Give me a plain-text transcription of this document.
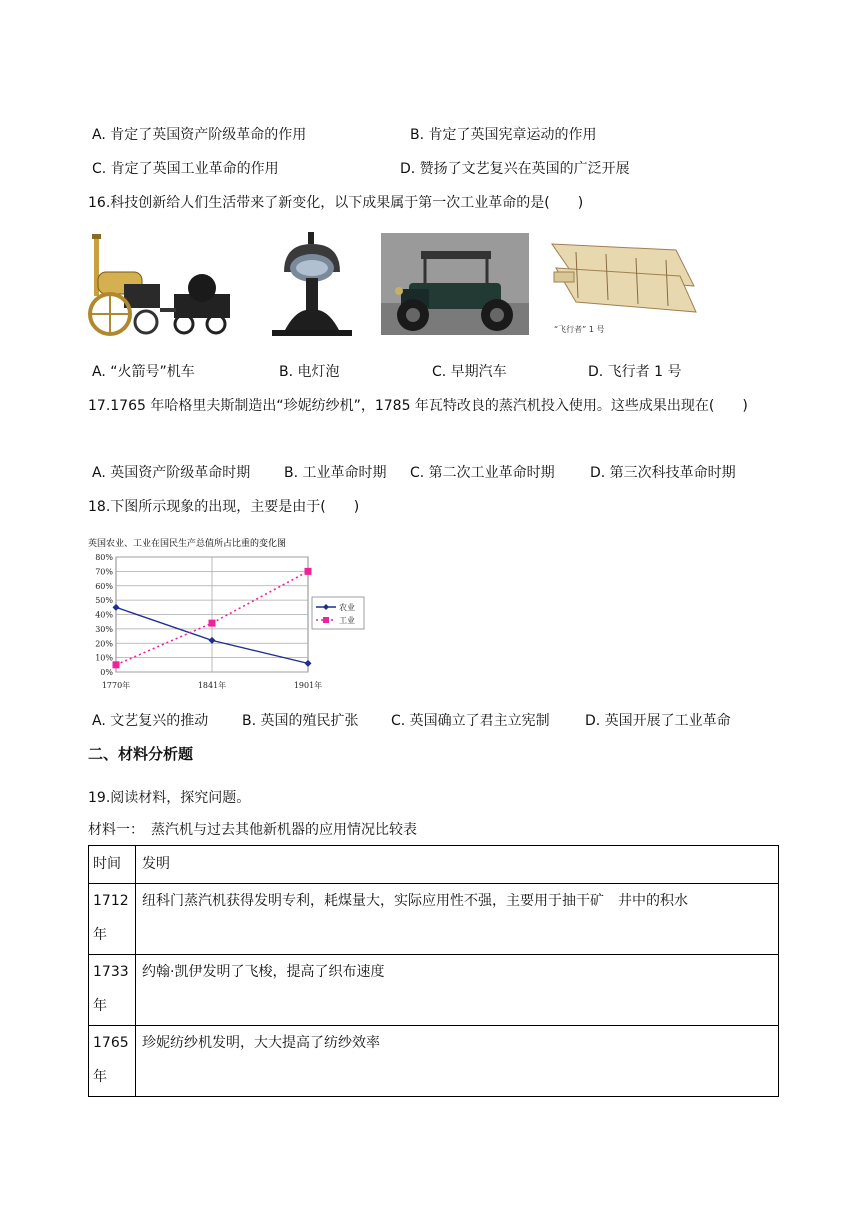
A. 肯定了英国资产阶级革命的作用	B. 肯定了英国宪章运动的作用
C. 肯定了英国工业革命的作用	D. 赞扬了文艺复兴在英国的广泛开展
16.科技创新给人们生活带来了新变化，以下成果属于第一次工业革命的是(　　)
“飞行者” 1 号
A. “火箭号”机车	B. 电灯泡	C. 早期汽车	D. 飞行者 1 号
17.1765 年哈格里夫斯制造出“珍妮纺纱机”，1785 年瓦特改良的蒸汽机投入使用。这些成果出现在(　　)
A. 英国资产阶级革命时期 B. 工业革命时期 C. 第二次工业革命时期	D. 第三次科技革命时期
18.下图所示现象的出现，主要是由于(　　)
英国农业、工业在国民生产总值所占比重的变化图
0%
10%
20%
30%
40%
50%
60%
70%
80%
1770年	1841年	1901年
农业
工业
A. 文艺复兴的推动 B. 英国的殖民扩张 C. 英国确立了君主立宪制	D. 英国开展了工业革命
二、材料分析题
19.阅读材料，探究问题。
材料一：　蒸汽机与过去其他新机器的应用情况比较表
时间	发明
1712
年	纽科门蒸汽机获得发明专利，耗煤量大，实际应用性不强，主要用于抽干矿　井中的积水
1733
年	约翰·凯伊发明了飞梭，提高了织布速度
1765
年	珍妮纺纱机发明，大大提高了纺纱效率
